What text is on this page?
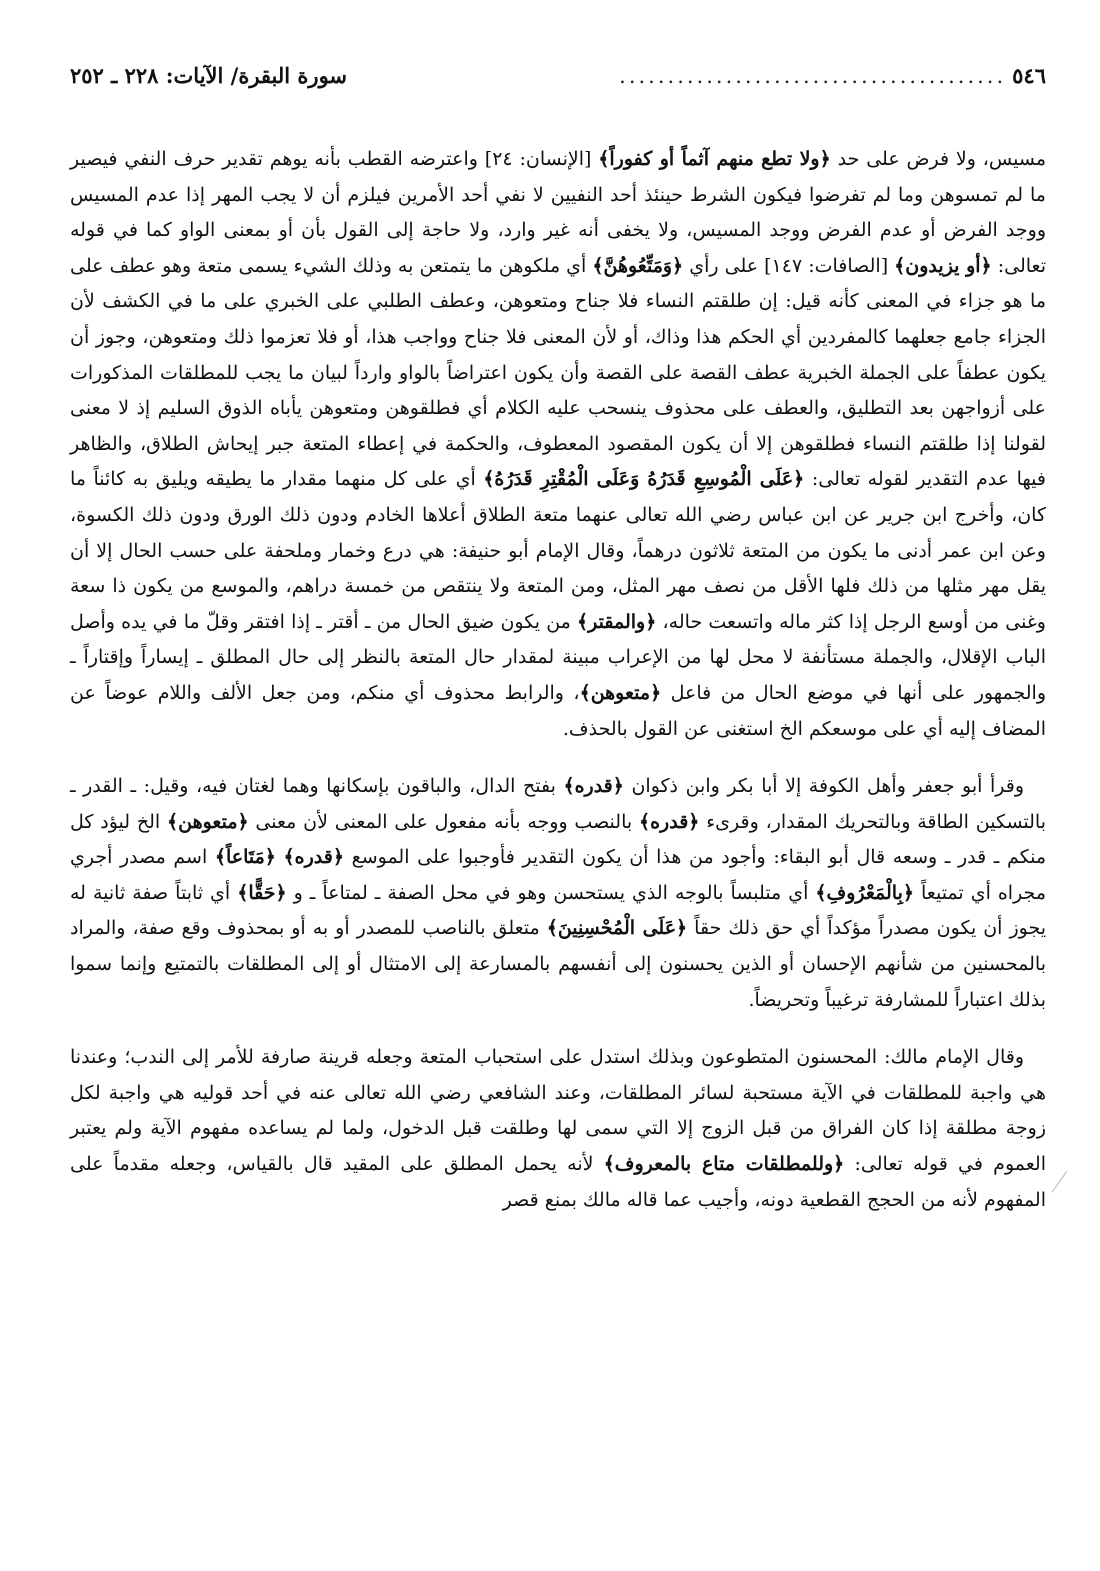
٥٤٦
........................................
سورة البقرة/ الآيات: ٢٢٨ ـ ٢٥٢

مسيس، ولا فرض على حد ﴿ولا تطع منهم آثماً أو كفوراً﴾ [الإنسان: ٢٤] واعترضه القطب بأنه يوهم تقدير حرف النفي فيصير ما لم تمسوهن وما لم تفرضوا فيكون الشرط حينئذ أحد النفيين لا نفي أحد الأمرين فيلزم أن لا يجب المهر إذا عدم المسيس ووجد الفرض أو عدم الفرض ووجد المسيس، ولا يخفى أنه غير وارد، ولا حاجة إلى القول بأن أو بمعنى الواو كما في قوله تعالى: ﴿أو يزيدون﴾ [الصافات: ١٤٧] على رأي ﴿وَمَتِّعُوهُنَّ﴾ أي ملكوهن ما يتمتعن به وذلك الشيء يسمى متعة وهو عطف على ما هو جزاء في المعنى كأنه قيل: إن طلقتم النساء فلا جناح ومتعوهن، وعطف الطلبي على الخبري على ما في الكشف لأن الجزاء جامع جعلهما كالمفردين أي الحكم هذا وذاك، أو لأن المعنى فلا جناح وواجب هذا، أو فلا تعزموا ذلك ومتعوهن، وجوز أن يكون عطفاً على الجملة الخبرية عطف القصة على القصة وأن يكون اعتراضاً بالواو وارداً لبيان ما يجب للمطلقات المذكورات على أزواجهن بعد التطليق، والعطف على محذوف ينسحب عليه الكلام أي فطلقوهن ومتعوهن يأباه الذوق السليم إذ لا معنى لقولنا إذا طلقتم النساء فطلقوهن إلا أن يكون المقصود المعطوف، والحكمة في إعطاء المتعة جبر إيحاش الطلاق، والظاهر فيها عدم التقدير لقوله تعالى: ﴿عَلَى الْمُوسِعِ قَدَرُهُ وَعَلَى الْمُقْتِرِ قَدَرُهُ﴾ أي على كل منهما مقدار ما يطيقه ويليق به كائناً ما كان، وأخرج ابن جرير عن ابن عباس رضي الله تعالى عنهما متعة الطلاق أعلاها الخادم ودون ذلك الورق ودون ذلك الكسوة، وعن ابن عمر أدنى ما يكون من المتعة ثلاثون درهماً، وقال الإمام أبو حنيفة: هي درع وخمار وملحفة على حسب الحال إلا أن يقل مهر مثلها من ذلك فلها الأقل من نصف مهر المثل، ومن المتعة ولا ينتقص من خمسة دراهم، والموسع من يكون ذا سعة وغنى من أوسع الرجل إذا كثر ماله واتسعت حاله، ﴿والمقتر﴾ من يكون ضيق الحال من ـ أقتر ـ إذا افتقر وقلّ ما في يده وأصل الباب الإقلال، والجملة مستأنفة لا محل لها من الإعراب مبينة لمقدار حال المتعة بالنظر إلى حال المطلق ـ إيساراً وإقتاراً ـ والجمهور على أنها في موضع الحال من فاعل ﴿متعوهن﴾، والرابط محذوف أي منكم، ومن جعل الألف واللام عوضاً عن المضاف إليه أي على موسعكم الخ استغنى عن القول بالحذف.

وقرأ أبو جعفر وأهل الكوفة إلا أبا بكر وابن ذكوان ﴿قدره﴾ بفتح الدال، والباقون بإسكانها وهما لغتان فيه، وقيل: ـ القدر ـ بالتسكين الطاقة وبالتحريك المقدار، وقرىء ﴿قدره﴾ بالنصب ووجه بأنه مفعول على المعنى لأن معنى ﴿متعوهن﴾ الخ ليؤد كل منكم ـ قدر ـ وسعه قال أبو البقاء: وأجود من هذا أن يكون التقدير فأوجبوا على الموسع ﴿قدره﴾ ﴿مَتَاعاً﴾ اسم مصدر أجري مجراه أي تمتيعاً ﴿بِالْمَعْرُوفِ﴾ أي متلبساً بالوجه الذي يستحسن وهو في محل الصفة ـ لمتاعاً ـ و ﴿حَقًّا﴾ أي ثابتاً صفة ثانية له يجوز أن يكون مصدراً مؤكداً أي حق ذلك حقاً ﴿عَلَى الْمُحْسِنِينَ﴾ متعلق بالناصب للمصدر أو به أو بمحذوف وقع صفة، والمراد بالمحسنين من شأنهم الإحسان أو الذين يحسنون إلى أنفسهم بالمسارعة إلى الامتثال أو إلى المطلقات بالتمتيع وإنما سموا بذلك اعتباراً للمشارفة ترغيباً وتحريضاً.

وقال الإمام مالك: المحسنون المتطوعون وبذلك استدل على استحباب المتعة وجعله قرينة صارفة للأمر إلى الندب؛ وعندنا هي واجبة للمطلقات في الآية مستحبة لسائر المطلقات، وعند الشافعي رضي الله تعالى عنه في أحد قوليه هي واجبة لكل زوجة مطلقة إذا كان الفراق من قبل الزوج إلا التي سمى لها وطلقت قبل الدخول، ولما لم يساعده مفهوم الآية ولم يعتبر العموم في قوله تعالى: ﴿وللمطلقات متاع بالمعروف﴾ لأنه يحمل المطلق على المقيد قال بالقياس، وجعله مقدماً على المفهوم لأنه من الحجج القطعية دونه، وأجيب عما قاله مالك بمنع قصر
